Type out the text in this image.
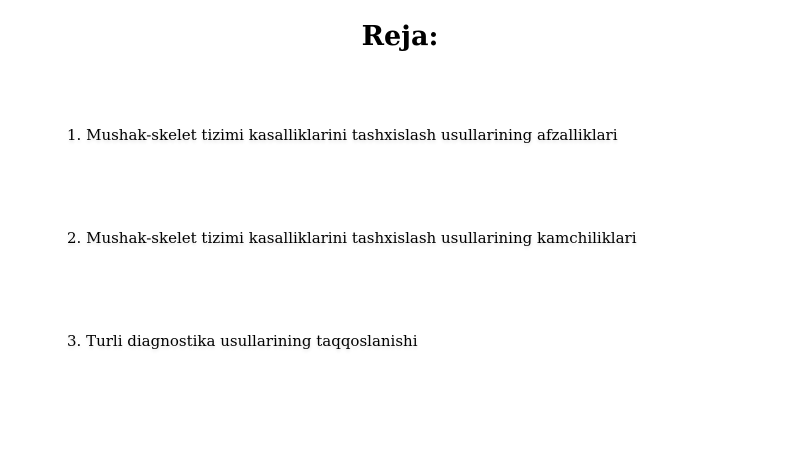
Reja:
1. Mushak-skelet tizimi kasalliklarini tashxislash usullarining afzalliklari
2. Mushak-skelet tizimi kasalliklarini tashxislash usullarining kamchiliklari
3. Turli diagnostika usullarining taqqoslanishi
